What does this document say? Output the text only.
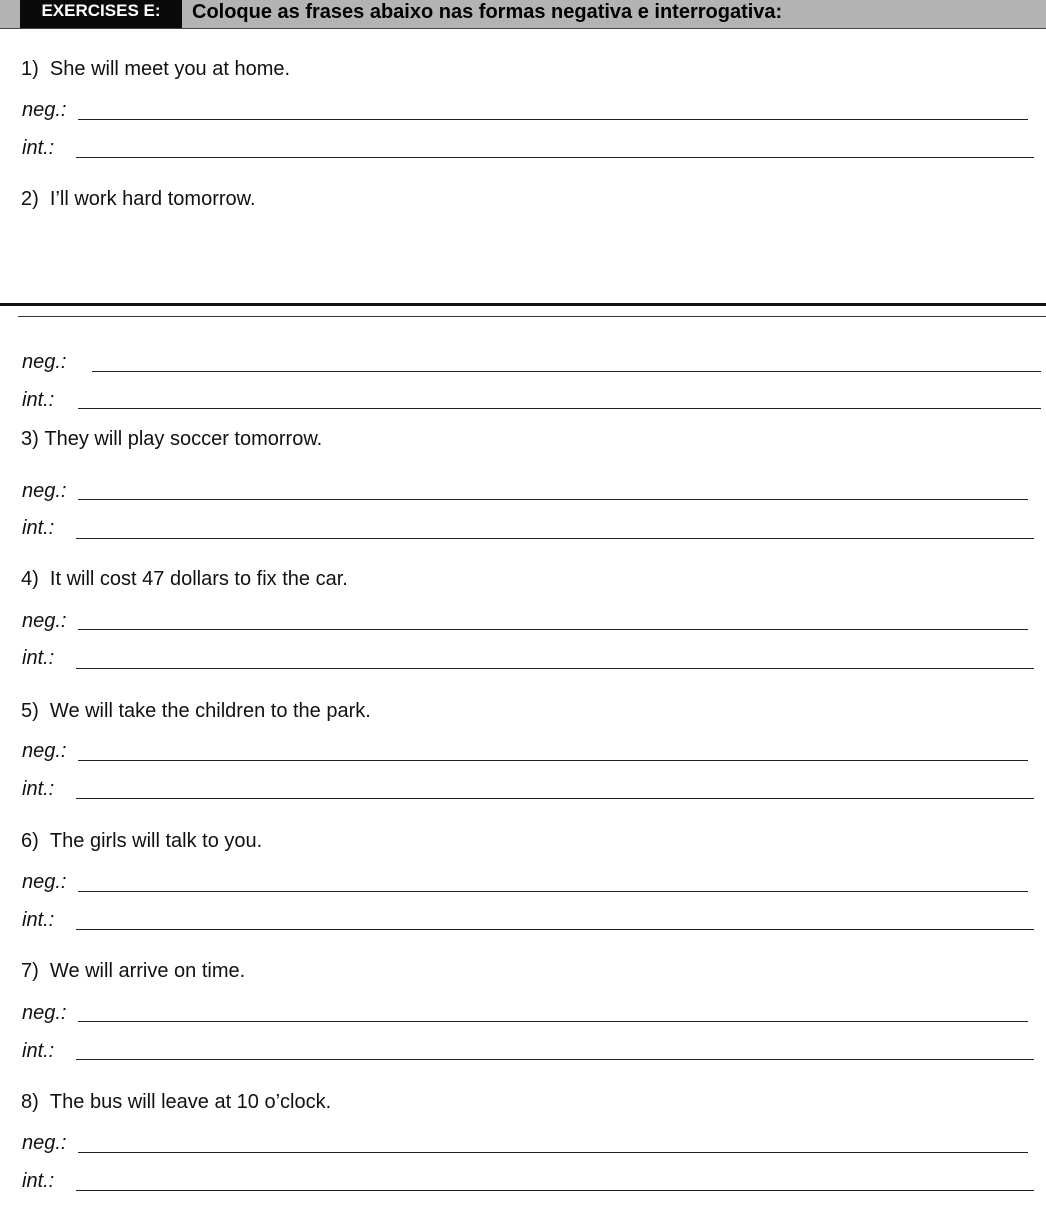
EXERCISES E:	Coloque as frases abaixo nas formas negativa e interrogativa:
1) She will meet you at home.
neg.:
int.:
2) I’ll work hard tomorrow.
neg.:
int.:
3) They will play soccer tomorrow.
neg.:
int.:
4) It will cost 47 dollars to fix the car.
neg.:
int.:
5) We will take the children to the park.
neg.:
int.:
6) The girls will talk to you.
neg.:
int.:
7) We will arrive on time.
neg.:
int.:
8) The bus will leave at 10 o’clock.
neg.:
int.:
